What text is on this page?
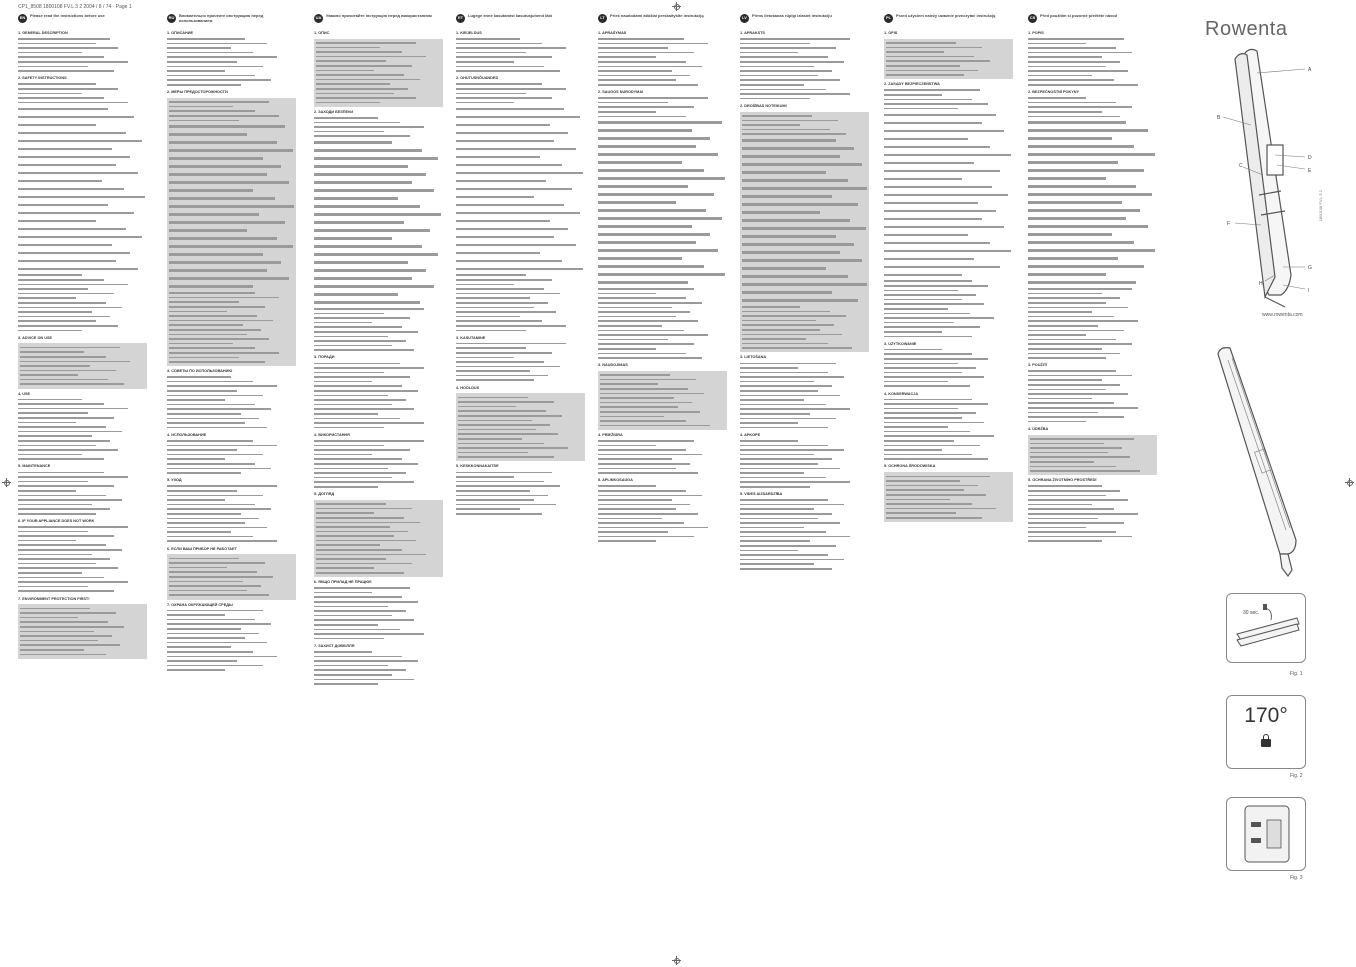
CP1_8508 1800108 FV.L 3 2 2004 / 8 / 74 - Page 1
EN	Please read the instructions before use
1. GENERAL DESCRIPTION
2. SAFETY INSTRUCTIONS
3. ADVICE ON USE
4. USE
5. MAINTENANCE
6. IF YOUR APPLIANCE DOES NOT WORK
7. ENVIRONMENT PROTECTION FIRST!
RU	Внимательно прочтите инструкцию перед использованием
1. ОПИСАНИЕ
2. МЕРЫ ПРЕДОСТОРОЖНОСТИ
3. СОВЕТЫ ПО ИСПОЛЬЗОВАНИЮ
4. ИСПОЛЬЗОВАНИЕ
5. УХОД
6. ЕСЛИ ВАШ ПРИБОР НЕ РАБОТАЕТ
7. ОХРАНА ОКРУЖАЮЩЕЙ СРЕДЫ
UA	Уважно прочитайте інструкцію перед використанням
1. ОПИС
2. ЗАХОДИ БЕЗПЕКИ
3. ПОРАДИ
4. ВИКОРИСТАННЯ
5. ДОГЛЯД
6. ЯКЩО ПРИЛАД НЕ ПРАЦЮЄ
7. ЗАХИСТ ДОВКІЛЛЯ
ET	Lugege enne kasutamist kasutusjuhend läbi
1. KIRJELDUS
2. OHUTUSNÕUANDED
3. KASUTAMINE
4. HOOLDUS
5. KESKKONNAKAITSE
LT	Prieš naudodami atidžiai perskaitykite instrukciją
1. APRAŠYMAS
2. SAUGOS NURODYMAI
3. NAUDOJIMAS
4. PRIEŽIŪRA
5. APLINKOSAUGA
LV	Pirms lietošanas rūpīgi izlasiet instrukciju
1. APRAKSTS
2. DROŠĪBAS NOTEIKUMI
3. LIETOŠANA
4. APKOPE
5. VIDES AIZSARDZĪBA
PL	Przed użyciem należy uważnie przeczytać instrukcję
1. OPIS
2. ZASADY BEZPIECZEŃSTWA
3. UŻYTKOWANIE
4. KONSERWACJA
5. OCHRONA ŚRODOWISKA
CS	Před použitím si pozorně přečtěte návod
1. POPIS
2. BEZPEČNOSTNÍ POKYNY
3. POUŽITÍ
4. ÚDRŽBA
5. OCHRANA ŽIVOTNÍHO PROSTŘEDÍ
Rowenta
A
B
C
D
E
F
G
H
I
1800108 FV.L 3 2
www.rowenta.com
30 sec.
Fig. 1
170°
Fig. 2
Fig. 3
